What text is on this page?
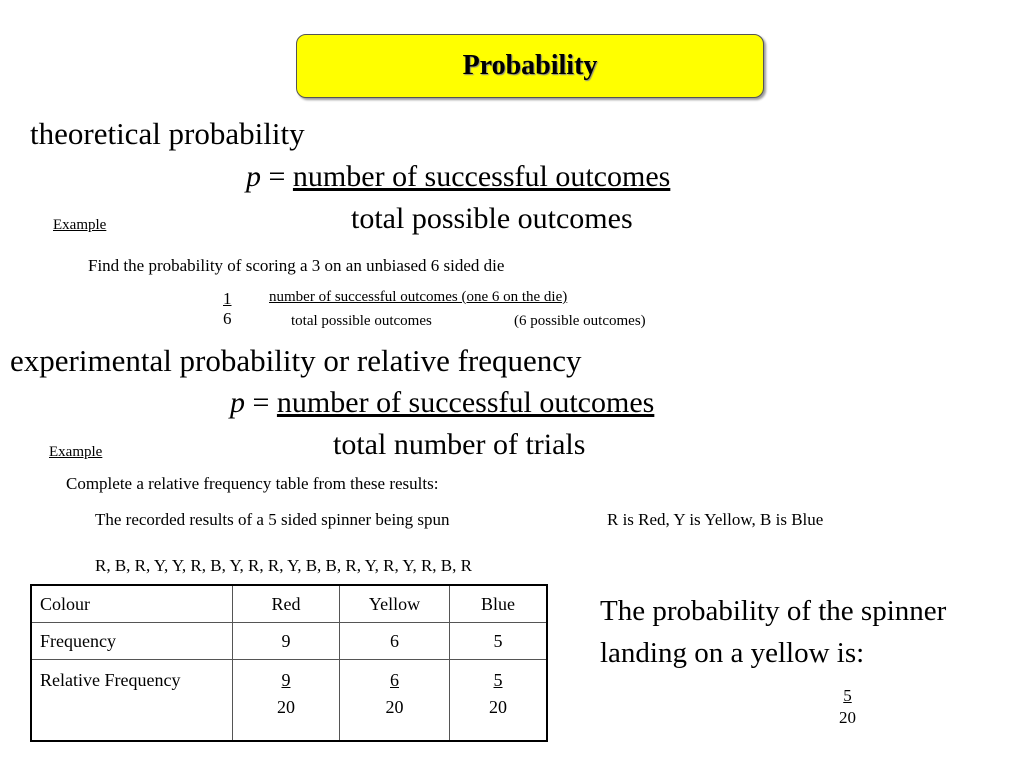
Probability
theoretical probability
p = number of successful outcomes
total possible outcomes
Example
Find the probability of scoring a 3 on an unbiased 6 sided die
$\frac{1}{6}$	number of successful outcomes (one 6 on the die)
total possible outcomes	(6 possible outcomes)
experimental probability or relative frequency
p = number of successful outcomes
total number of trials
Example
Complete a relative frequency table from these results:
The recorded results of a 5 sided spinner being spun	R is Red, Y is Yellow, B is Blue
R, B, R, Y, Y, R, B, Y, R, R, Y, B, B, R, Y, R, Y, R, B, R
Colour	Red	Yellow	Blue
Frequency	9	6	5
Relative Frequency	$\frac{9}{20}$	$\frac{6}{20}$	$\frac{5}{20}$
The probability of the spinner
landing on a yellow is:
$\frac{5}{20}$
